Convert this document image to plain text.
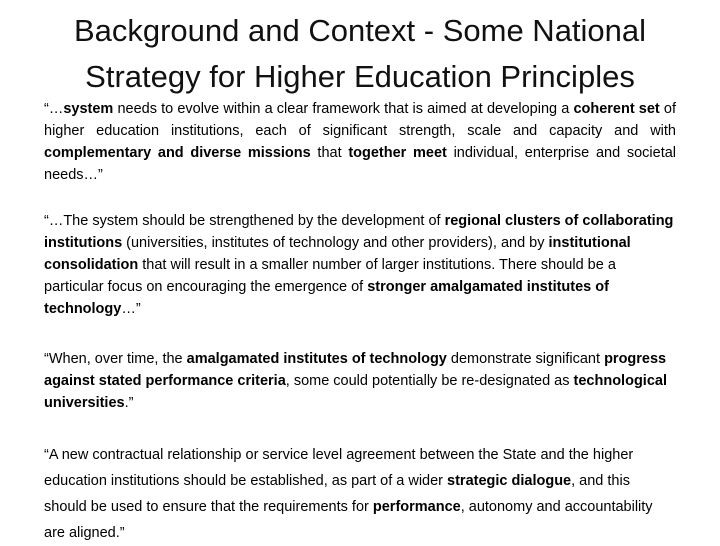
Background and Context - Some National
Strategy for Higher Education Principles

“…system needs to evolve within a clear framework that is aimed at developing a coherent set of higher education institutions, each of significant strength, scale and capacity and with complementary and diverse missions that together meet individual, enterprise and societal needs…”

“…The system should be strengthened by the development of regional clusters of collaborating institutions (universities, institutes of technology and other providers), and by institutional consolidation that will result in a smaller number of larger institutions. There should be a particular focus on encouraging the emergence of stronger amalgamated institutes of technology…”

“When, over time, the amalgamated institutes of technology demonstrate significant progress against stated performance criteria, some could potentially be re-designated as technological universities.”

“A new contractual relationship or service level agreement between the State and the higher education institutions should be established, as part of a wider strategic dialogue, and this should be used to ensure that the requirements for performance, autonomy and accountability are aligned.”
